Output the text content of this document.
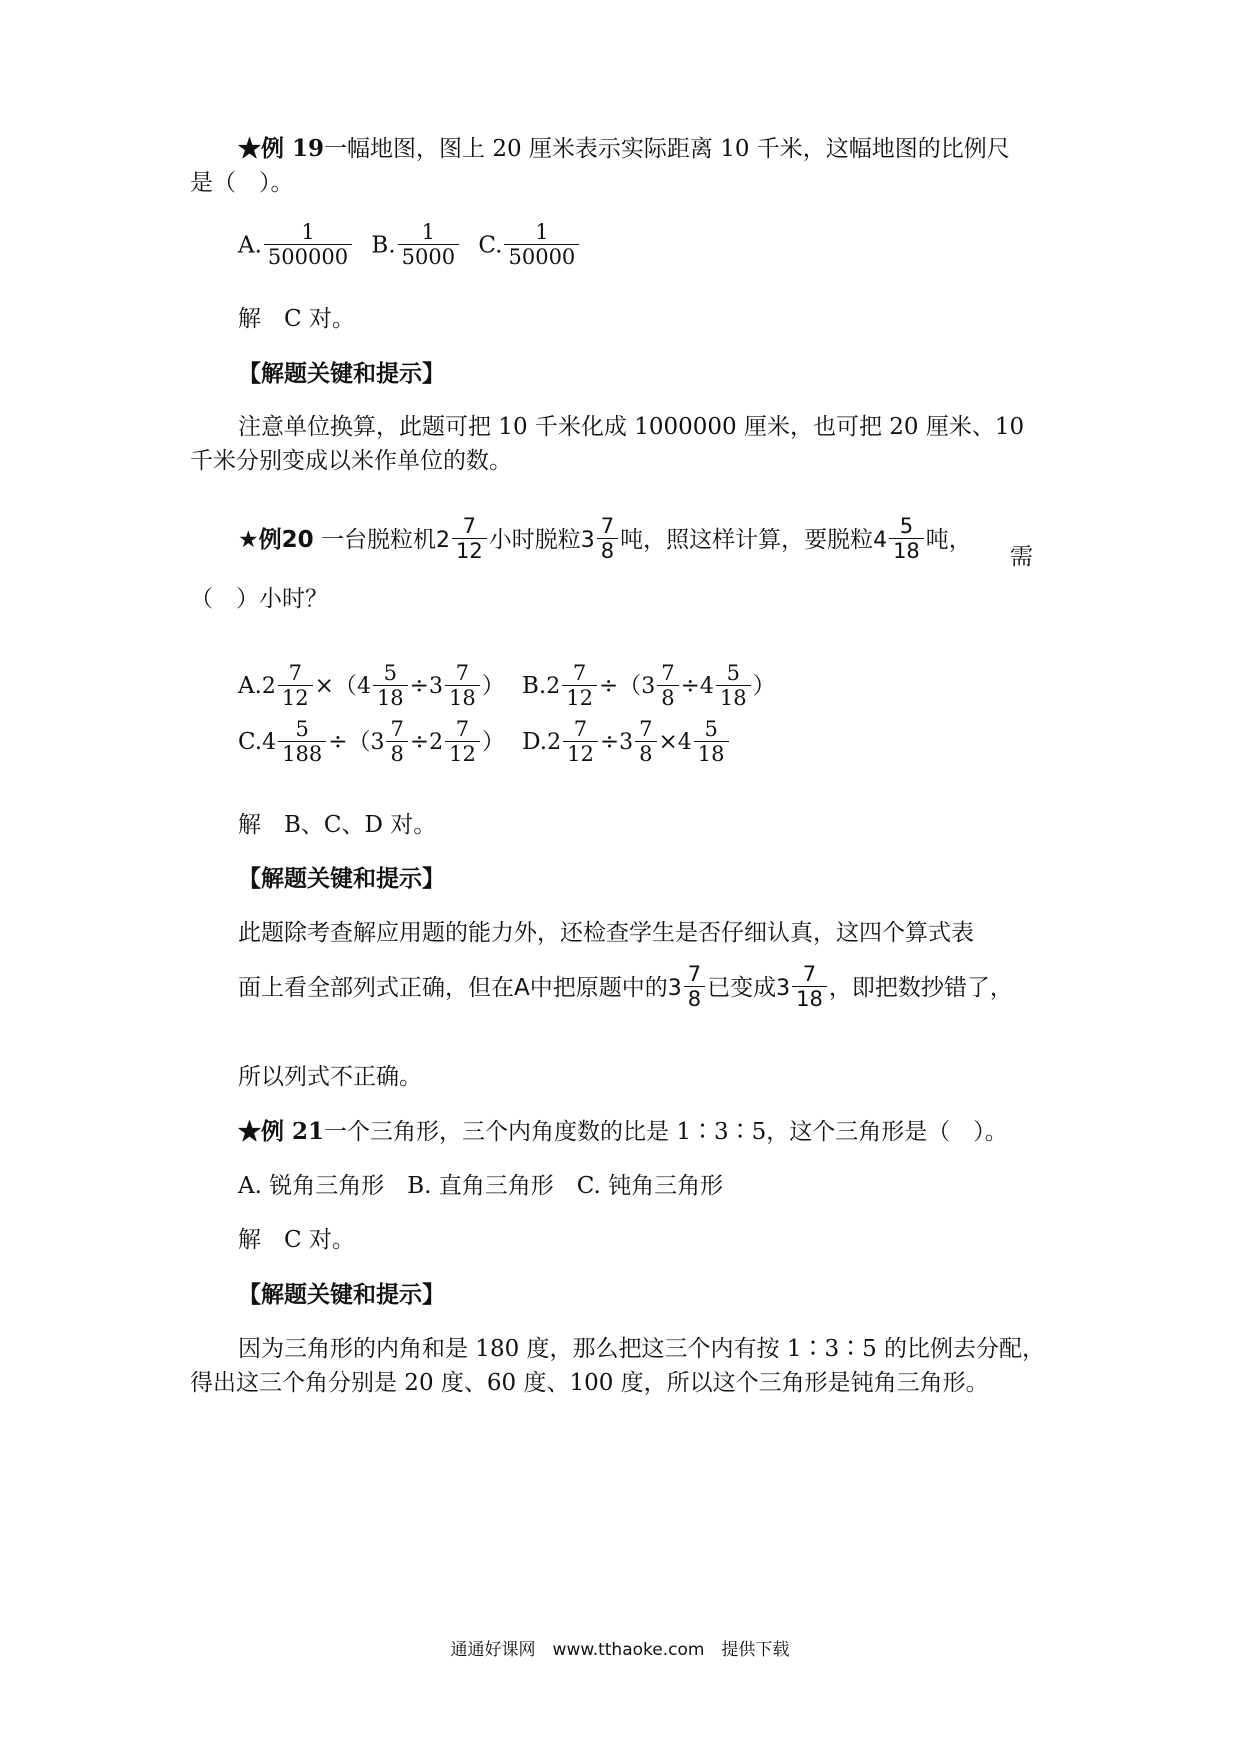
★例 19一幅地图，图上 20 厘米表示实际距离 10 千米，这幅地图的比例尺
是（　）。
A. $\frac{1}{500000} B$. $\frac{1}{5000} C$. $\frac{1}{50000}$
解　C 对。
【解题关键和提示】
注意单位换算，此题可把 10 千米化成 1000000 厘米，也可把 20 厘米、10
千米分别变成以米作单位的数。
★例20 一台脱粒机$2 \frac{7}{12}$ 小时脱粒$3 \frac{7}{8}$ 吨，照这样计算，要脱粒$4 \frac{5}{18}$ 吨，
需
（　）小时？
$A.2 \frac{7}{12} \times(4 \frac{5}{18} \div 3 \frac{7}{18}$ ） $B.2 \frac{7}{12} \div(3 \frac{7}{8} \div 4 \frac{5}{18}$ ）
$C.4 \frac{5}{188} \div(3 \frac{7}{8} \div 2 \frac{7}{12}$ ） $D.2 \frac{7}{12} \div 3 \frac{7}{8} \times 4 \frac{5}{18}$
解　B、C、D 对。
【解题关键和提示】
此题除考查解应用题的能力外，还检查学生是否仔细认真，这四个算式表
面上看全部列式正确，但在A中把原题中的$3 \frac{7}{8}$ 已变成$3 \frac{7}{18}$ ，即把数抄错了，
所以列式不正确。
★例 21一个三角形，三个内角度数的比是 1∶3∶5，这个三角形是（　）。
A. 锐角三角形　B. 直角三角形　C. 钝角三角形
解　C 对。
【解题关键和提示】
因为三角形的内角和是 180 度，那么把这三个内有按 1∶3∶5 的比例去分配，
得出这三个角分别是 20 度、60 度、100 度，所以这个三角形是钝角三角形。
通通好课网　www.tthaoke.com　提供下载
